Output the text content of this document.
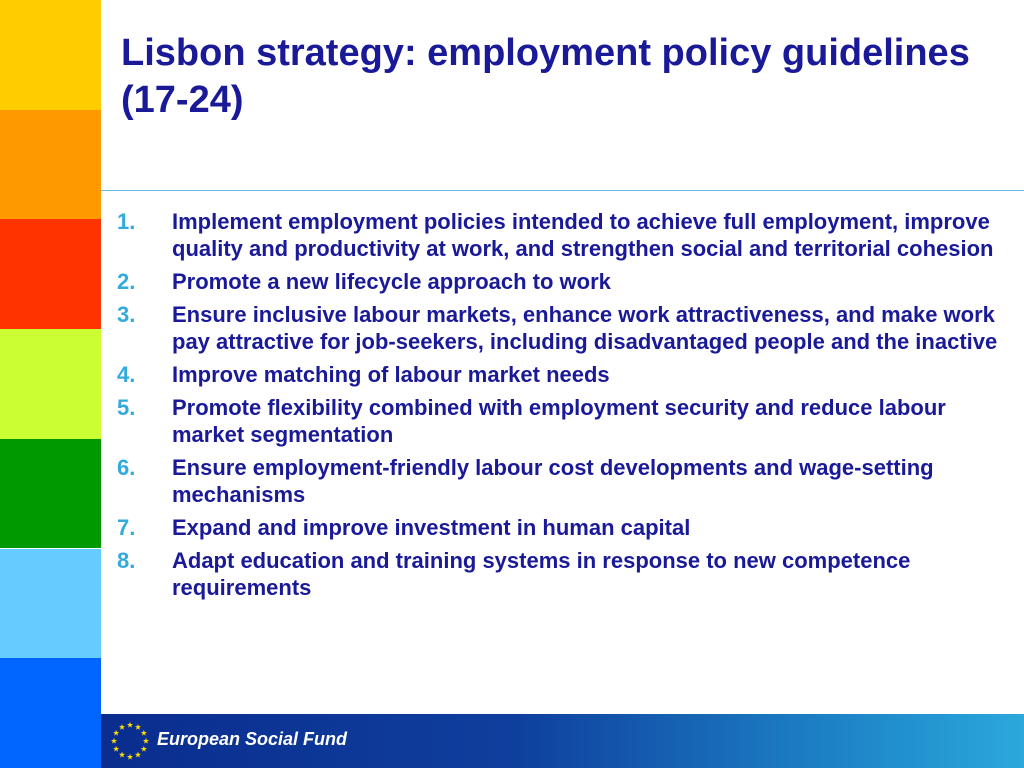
Lisbon strategy: employment policy guidelines (17-24)
1.	Implement employment policies intended to achieve full employment, improve quality and productivity at work, and strengthen social and territorial cohesion
2.	Promote a new lifecycle approach to work
3.	Ensure inclusive labour markets, enhance work attractiveness, and make work pay attractive for job-seekers, including disadvantaged people and the inactive
4.	Improve matching of labour market needs
5.	Promote flexibility combined with employment security and reduce labour market segmentation
6.	Ensure employment-friendly labour cost developments and wage-setting mechanisms
7.	Expand and improve investment in human capital
8.	Adapt education and training systems in response to new competence requirements
European Social Fund
